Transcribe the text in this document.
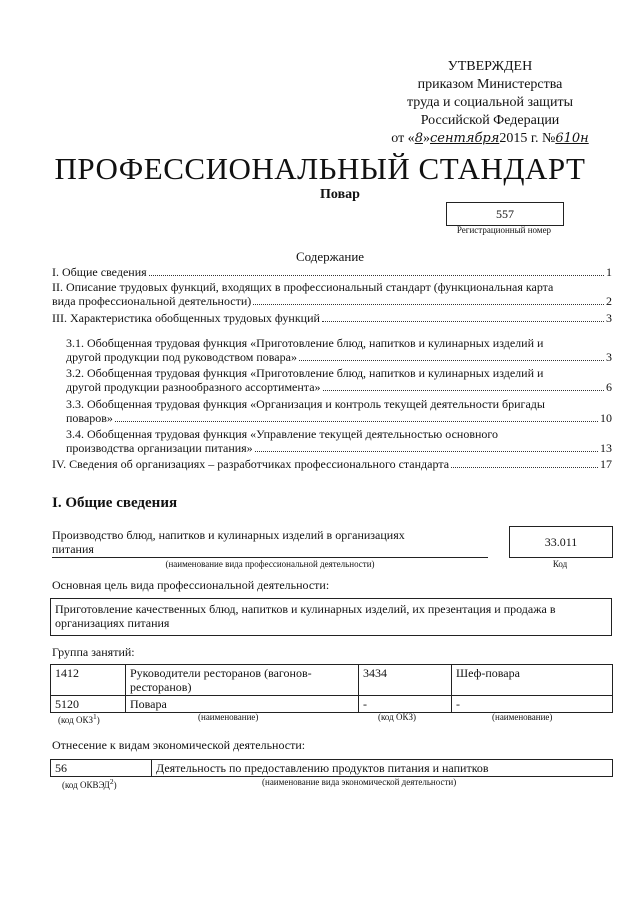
УТВЕРЖДЕН
приказом Министерства
труда и социальной защиты
Российской Федерации
от «8»сентября2015 г. №610н
ПРОФЕССИОНАЛЬНЫЙ СТАНДАРТ
Повар
557
Регистрационный номер
Содержание
I. Общие сведения	1
II. Описание трудовых функций, входящих в профессиональный стандарт (функциональная карта
вида профессиональной деятельности)	2
III. Характеристика обобщенных трудовых функций	3
3.1. Обобщенная трудовая функция «Приготовление блюд, напитков и кулинарных изделий и
другой продукции под руководством повара»	3
3.2. Обобщенная трудовая функция «Приготовление блюд, напитков и кулинарных изделий и
другой продукции разнообразного ассортимента»	6
3.3. Обобщенная трудовая функция «Организация и контроль текущей деятельности бригады
поваров»	10
3.4. Обобщенная трудовая функция «Управление текущей деятельностью основного
производства организации питания»	13
IV. Сведения об организациях – разработчиках профессионального стандарта	17
I. Общие сведения
Производство блюд, напитков и кулинарных изделий в организациях
питания
(наименование вида профессиональной деятельности)
33.011
Код
Основная цель вида профессиональной деятельности:
Приготовление качественных блюд, напитков и кулинарных изделий, их презентация и продажа в организациях питания
Группа занятий:
1412	Руководители ресторанов (вагонов-ресторанов)	3434	Шеф-повара
5120	Повара	-	-
(код ОКЗ$^1$)	(наименование)	(код ОКЗ)	(наименование)
Отнесение к видам экономической деятельности:
56	Деятельность по предоставлению продуктов питания и напитков
(код ОКВЭД$^2$)	(наименование вида экономической деятельности)
